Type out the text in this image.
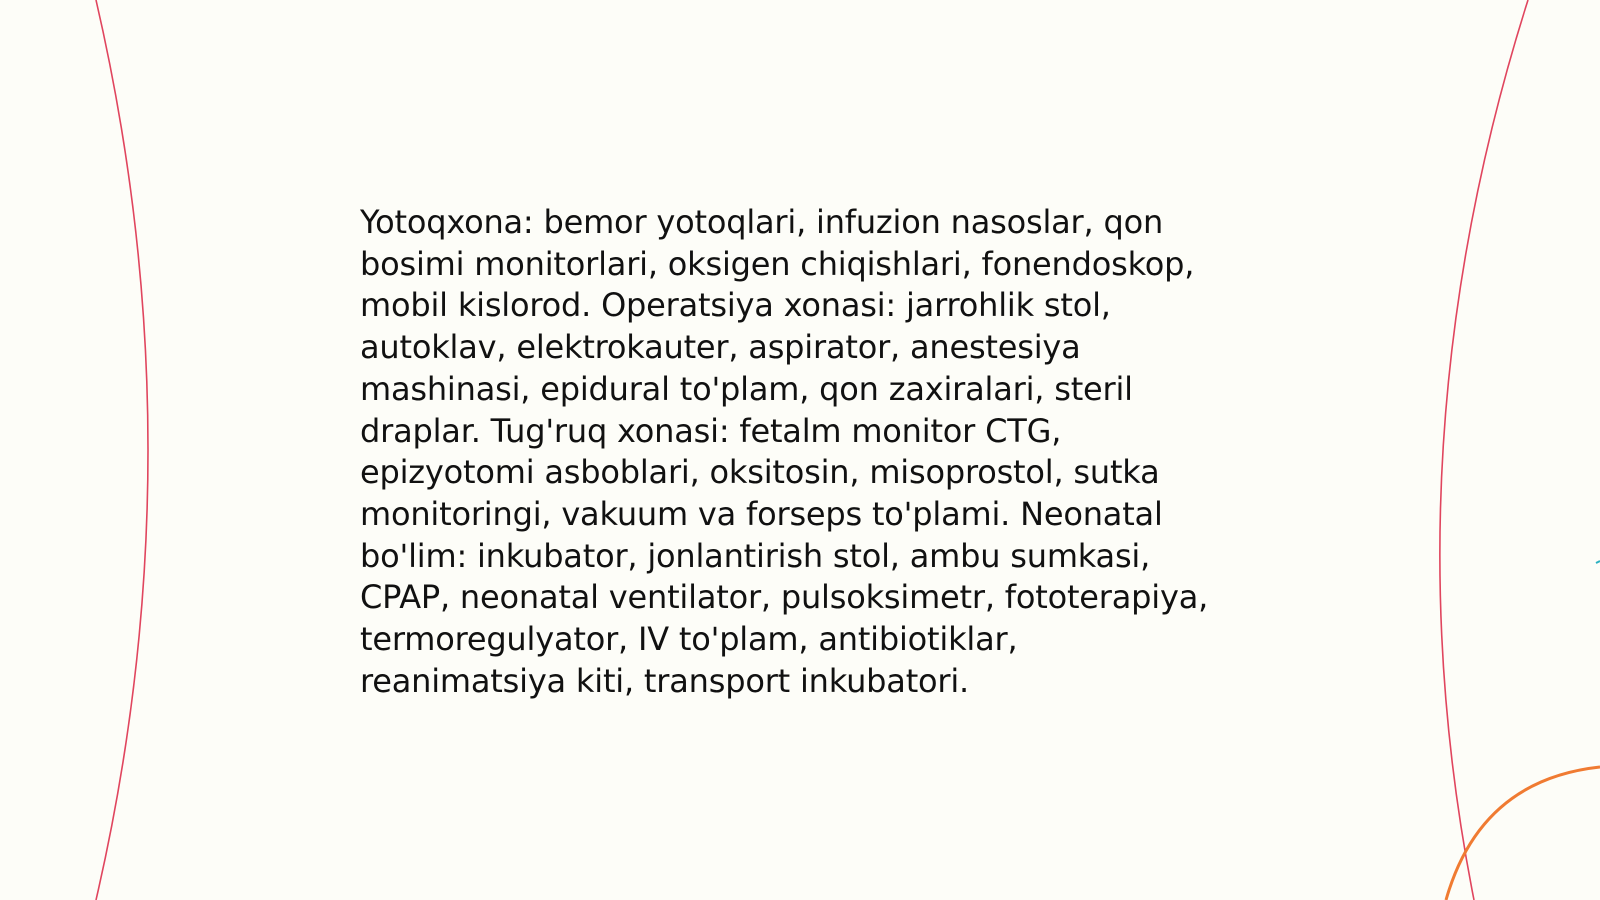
Yotoqxona: bemor yotoqlari, infuzion nasoslar, qon
bosimi monitorlari, oksigen chiqishlari, fonendoskop,
mobil kislorod. Operatsiya xonasi: jarrohlik stol,
autoklav, elektrokauter, aspirator, anestesiya
mashinasi, epidural to'plam, qon zaxiralari, steril
draplar. Tug'ruq xonasi: fetalm monitor CTG,
epizyotomi asboblari, oksitosin, misoprostol, sutka
monitoringi, vakuum va forseps to'plami. Neonatal
bo'lim: inkubator, jonlantirish stol, ambu sumkasi,
CPAP, neonatal ventilator, pulsoksimetr, fototerapiya,
termoregulyator, IV to'plam, antibiotiklar,
reanimatsiya kiti, transport inkubatori.
